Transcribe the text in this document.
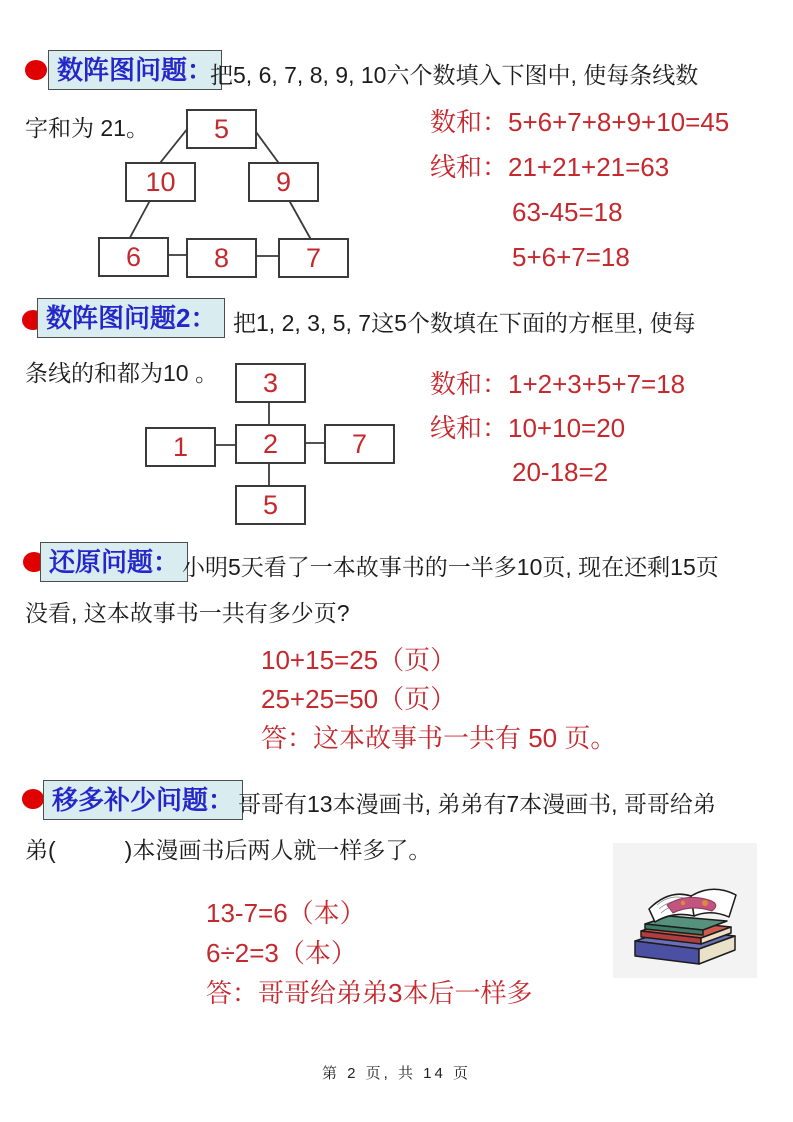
数阵图问题：
把5, 6, 7, 8, 9, 10六个数填入下图中, 使每条线数
字和为 21。	5
10	9
6	8	7
数和：5+6+7+8+9+10=45
线和：21+21+21=63
63-45=18
5+6+7=18
数阵图问题2： 把1, 2, 3, 5, 7这5个数填在下面的方框里, 使每
条线的和都为10 。	3
1	2	7
5
数和：1+2+3+5+7=18
线和：10+10=20
20-18=2
还原问题： 小明5天看了一本故事书的一半多10页, 现在还剩15页
没看, 这本故事书一共有多少页?
10+15=25（页）
25+25=50（页）
答：这本故事书一共有 50 页。
移多补少问题： 哥哥有13本漫画书, 弟弟有7本漫画书, 哥哥给弟
弟(　　　)本漫画书后两人就一样多了。
13-7=6（本）
6÷2=3（本）
答：哥哥给弟弟3本后一样多
第 2 页, 共 14 页
